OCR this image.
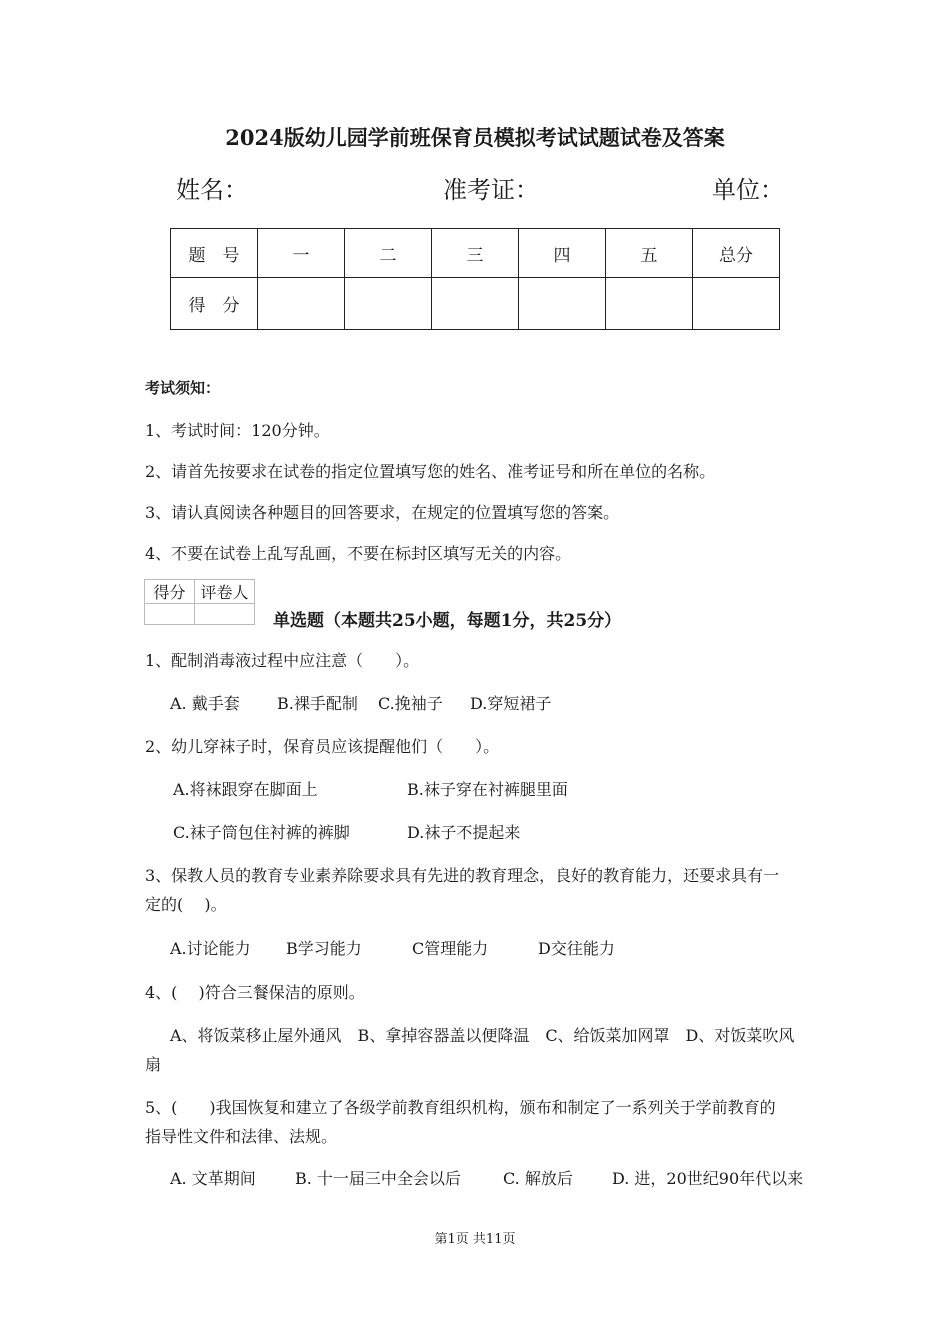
2024版幼儿园学前班保育员模拟考试试题试卷及答案
姓名：	准考证：	单位：
题　号	一	二	三	四	五	总分
得　分						
考试须知：
1、考试时间：120分钟。
2、请首先按要求在试卷的指定位置填写您的姓名、准考证号和所在单位的名称。
3、请认真阅读各种题目的回答要求，在规定的位置填写您的答案。
4、不要在试卷上乱写乱画，不要在标封区填写无关的内容。
得分	评卷人

单选题（本题共25小题，每题1分，共25分）
1、配制消毒液过程中应注意（　　）。
A. 戴手套 B.裸手配制 C.挽袖子 D.穿短裙子
2、幼儿穿袜子时，保育员应该提醒他们（　　）。
A.将袜跟穿在脚面上	B.袜子穿在衬裤腿里面
C.袜子筒包住衬裤的裤脚	D.袜子不提起来
3、保教人员的教育专业素养除要求具有先进的教育理念，良好的教育能力，还要求具有一
定的(　 )。
A.讨论能力 B学习能力	C管理能力	D交往能力
4、(　 )符合三餐保洁的原则。
A、将饭菜移止屋外通风　B、拿掉容器盖以便降温　C、给饭菜加网罩　D、对饭菜吹风
扇
5、(　　)我国恢复和建立了各级学前教育组织机构，颁布和制定了一系列关于学前教育的
指导性文件和法律、法规。
A. 文革期间 B. 十一届三中全会以后	C. 解放后 D. 进，20世纪90年代以来
第1页 共11页
